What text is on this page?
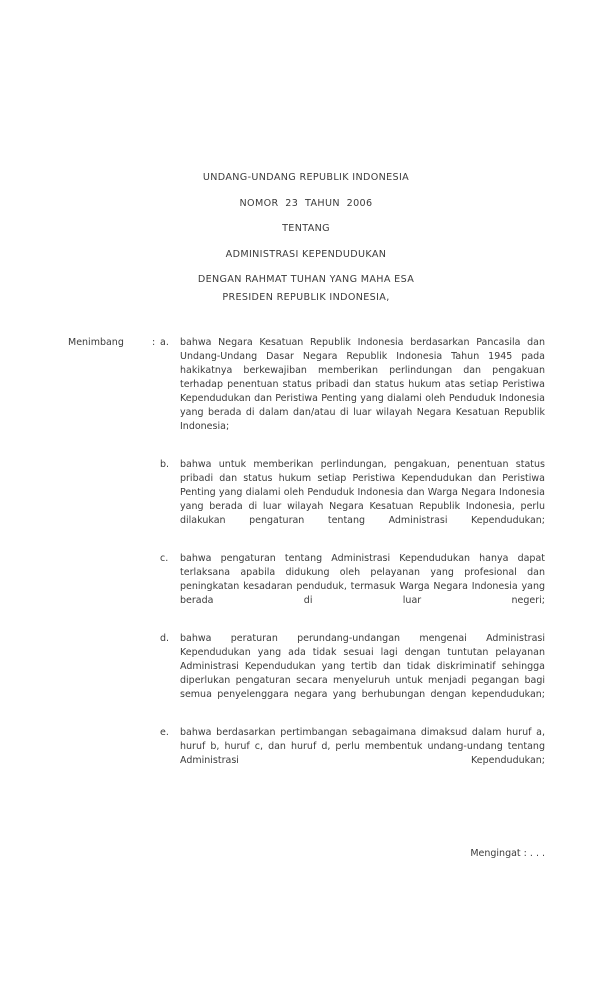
UNDANG-UNDANG REPUBLIK INDONESIA
NOMOR  23  TAHUN  2006
TENTANG
ADMINISTRASI KEPENDUDUKAN
DENGAN RAHMAT TUHAN YANG MAHA ESA
PRESIDEN REPUBLIK INDONESIA,
Menimbang	: a.	bahwa Negara Kesatuan Republik Indonesia berdasarkan Pancasila dan Undang-Undang Dasar Negara Republik Indonesia Tahun 1945 pada hakikatnya berkewajiban memberikan perlindungan dan pengakuan terhadap penentuan status pribadi dan status hukum atas setiap Peristiwa Kependudukan dan Peristiwa Penting yang dialami oleh Penduduk Indonesia yang berada di dalam dan/atau di luar wilayah Negara Kesatuan Republik Indonesia;
b.	bahwa untuk memberikan perlindungan, pengakuan, penentuan status pribadi dan status hukum setiap Peristiwa Kependudukan dan Peristiwa Penting yang dialami oleh Penduduk Indonesia dan Warga Negara Indonesia yang berada di luar wilayah Negara Kesatuan Republik Indonesia, perlu dilakukan pengaturan tentang Administrasi Kependudukan;
c.	bahwa pengaturan tentang Administrasi Kependudukan hanya dapat terlaksana apabila didukung oleh pelayanan yang profesional dan peningkatan kesadaran penduduk, termasuk Warga Negara Indonesia yang berada di luar negeri;
d.	bahwa peraturan perundang-undangan mengenai Administrasi Kependudukan yang ada tidak sesuai lagi dengan tuntutan pelayanan Administrasi Kependudukan yang tertib dan tidak diskriminatif sehingga diperlukan pengaturan secara menyeluruh untuk menjadi pegangan bagi semua penyelenggara negara yang berhubungan dengan kependudukan;
e.	bahwa berdasarkan pertimbangan sebagaimana dimaksud dalam huruf a, huruf b, huruf c, dan huruf d, perlu membentuk undang-undang tentang Administrasi Kependudukan;
Mengingat : . . .
